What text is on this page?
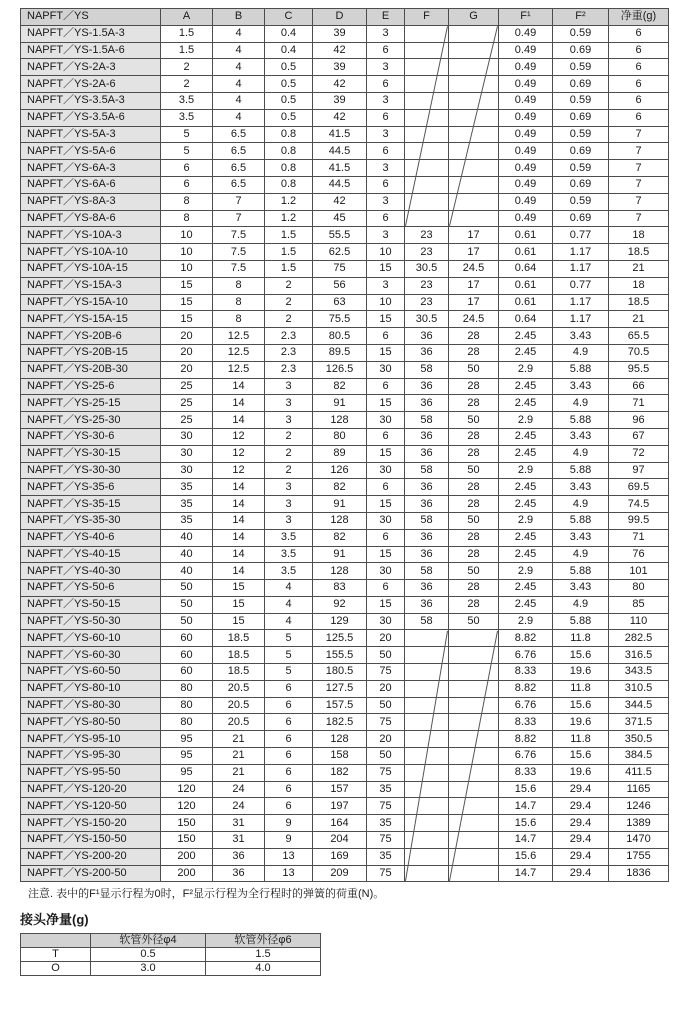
NAPFT／YS	A	B	C	D	E	F	G	F¹	F²	净重(g)
NAPFT／YS-1.5A-3	1.5	4	0.4	39	3			0.49	0.59	6
NAPFT／YS-1.5A-6	1.5	4	0.4	42	6			0.49	0.69	6
NAPFT／YS-2A-3	2	4	0.5	39	3			0.49	0.59	6
NAPFT／YS-2A-6	2	4	0.5	42	6			0.49	0.69	6
NAPFT／YS-3.5A-3	3.5	4	0.5	39	3			0.49	0.59	6
NAPFT／YS-3.5A-6	3.5	4	0.5	42	6			0.49	0.69	6
NAPFT／YS-5A-3	5	6.5	0.8	41.5	3			0.49	0.59	7
NAPFT／YS-5A-6	5	6.5	0.8	44.5	6			0.49	0.69	7
NAPFT／YS-6A-3	6	6.5	0.8	41.5	3			0.49	0.59	7
NAPFT／YS-6A-6	6	6.5	0.8	44.5	6			0.49	0.69	7
NAPFT／YS-8A-3	8	7	1.2	42	3			0.49	0.59	7
NAPFT／YS-8A-6	8	7	1.2	45	6			0.49	0.69	7
NAPFT／YS-10A-3	10	7.5	1.5	55.5	3	23	17	0.61	0.77	18
NAPFT／YS-10A-10	10	7.5	1.5	62.5	10	23	17	0.61	1.17	18.5
NAPFT／YS-10A-15	10	7.5	1.5	75	15	30.5	24.5	0.64	1.17	21
NAPFT／YS-15A-3	15	8	2	56	3	23	17	0.61	0.77	18
NAPFT／YS-15A-10	15	8	2	63	10	23	17	0.61	1.17	18.5
NAPFT／YS-15A-15	15	8	2	75.5	15	30.5	24.5	0.64	1.17	21
NAPFT／YS-20B-6	20	12.5	2.3	80.5	6	36	28	2.45	3.43	65.5
NAPFT／YS-20B-15	20	12.5	2.3	89.5	15	36	28	2.45	4.9	70.5
NAPFT／YS-20B-30	20	12.5	2.3	126.5	30	58	50	2.9	5.88	95.5
NAPFT／YS-25-6	25	14	3	82	6	36	28	2.45	3.43	66
NAPFT／YS-25-15	25	14	3	91	15	36	28	2.45	4.9	71
NAPFT／YS-25-30	25	14	3	128	30	58	50	2.9	5.88	96
NAPFT／YS-30-6	30	12	2	80	6	36	28	2.45	3.43	67
NAPFT／YS-30-15	30	12	2	89	15	36	28	2.45	4.9	72
NAPFT／YS-30-30	30	12	2	126	30	58	50	2.9	5.88	97
NAPFT／YS-35-6	35	14	3	82	6	36	28	2.45	3.43	69.5
NAPFT／YS-35-15	35	14	3	91	15	36	28	2.45	4.9	74.5
NAPFT／YS-35-30	35	14	3	128	30	58	50	2.9	5.88	99.5
NAPFT／YS-40-6	40	14	3.5	82	6	36	28	2.45	3.43	71
NAPFT／YS-40-15	40	14	3.5	91	15	36	28	2.45	4.9	76
NAPFT／YS-40-30	40	14	3.5	128	30	58	50	2.9	5.88	101
NAPFT／YS-50-6	50	15	4	83	6	36	28	2.45	3.43	80
NAPFT／YS-50-15	50	15	4	92	15	36	28	2.45	4.9	85
NAPFT／YS-50-30	50	15	4	129	30	58	50	2.9	5.88	110
NAPFT／YS-60-10	60	18.5	5	125.5	20			8.82	11.8	282.5
NAPFT／YS-60-30	60	18.5	5	155.5	50			6.76	15.6	316.5
NAPFT／YS-60-50	60	18.5	5	180.5	75			8.33	19.6	343.5
NAPFT／YS-80-10	80	20.5	6	127.5	20			8.82	11.8	310.5
NAPFT／YS-80-30	80	20.5	6	157.5	50			6.76	15.6	344.5
NAPFT／YS-80-50	80	20.5	6	182.5	75			8.33	19.6	371.5
NAPFT／YS-95-10	95	21	6	128	20			8.82	11.8	350.5
NAPFT／YS-95-30	95	21	6	158	50			6.76	15.6	384.5
NAPFT／YS-95-50	95	21	6	182	75			8.33	19.6	411.5
NAPFT／YS-120-20	120	24	6	157	35			15.6	29.4	1165
NAPFT／YS-120-50	120	24	6	197	75			14.7	29.4	1246
NAPFT／YS-150-20	150	31	9	164	35			15.6	29.4	1389
NAPFT／YS-150-50	150	31	9	204	75			14.7	29.4	1470
NAPFT／YS-200-20	200	36	13	169	35			15.6	29.4	1755
NAPFT／YS-200-50	200	36	13	209	75			14.7	29.4	1836
注意. 表中的F¹显示行程为0时，F²显示行程为全行程时的弹簧的荷重(N)。
接头净量(g)
	软管外径φ4	软管外径φ6
T	0.5	1.5
O	3.0	4.0
